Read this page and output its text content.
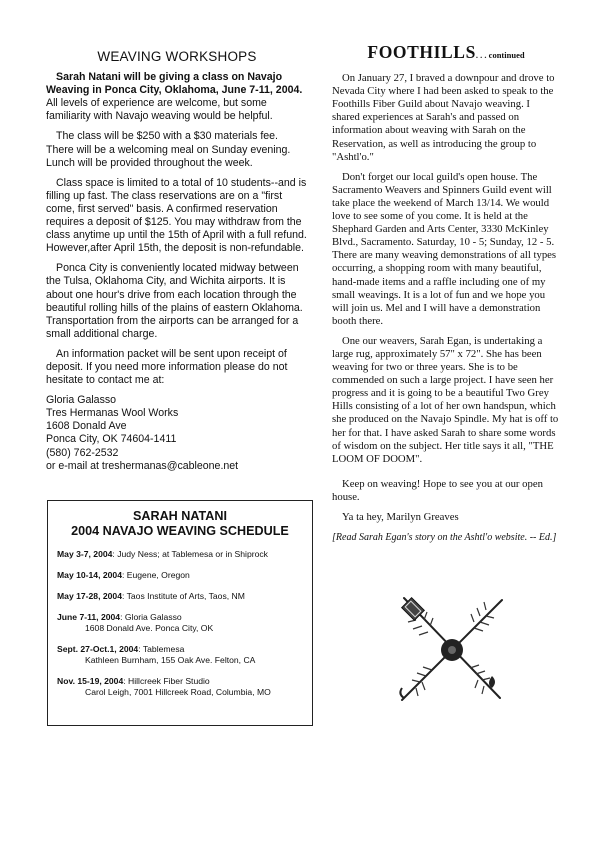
WEAVING WORKSHOPS

Sarah Natani will be giving a class on Navajo Weaving in Ponca City, Oklahoma, June 7-11, 2004. All levels of experience are welcome, but some familiarity with Navajo weaving would be helpful.

The class will be $250 with a $30 materials fee. There will be a welcoming meal on Sunday evening. Lunch will be provided throughout the week.

Class space is limited to a total of 10 students--and is filling up fast. The class reservations are on a "first come, first served" basis. A confirmed reservation requires a deposit of $125. You may withdraw from the class anytime up until the 15th of April with a full refund. However,after April 15th, the deposit is non-refundable.

Ponca City is conveniently located midway between the Tulsa, Oklahoma City, and Wichita airports. It is about one hour's drive from each location through the beautiful rolling hills of the plains of eastern Oklahoma. Transportation from the airports can be arranged for a small additional charge.

An information packet will be sent upon receipt of deposit. If you need more information please do not hesitate to contact me at:

Gloria Galasso
Tres Hermanas Wool Works
1608 Donald Ave
Ponca City, OK 74604-1411
(580) 762-2532
or e-mail at treshermanas@cableone.net
SARAH NATANI
2004 NAVAJO WEAVING SCHEDULE
May 3-7, 2004: Judy Ness; at Tablemesa or in Shiprock
May 10-14, 2004: Eugene, Oregon
May 17-28, 2004: Taos Institute of Arts, Taos, NM
June 7-11, 2004: Gloria Galasso
1608 Donald Ave. Ponca City, OK
Sept. 27-Oct.1, 2004: Tablemesa
Kathleen Burnham, 155 Oak Ave. Felton, CA
Nov. 15-19, 2004: Hillcreek Fiber Studio
Carol Leigh, 7001 Hillcreek Road, Columbia, MO
FOOTHILLS. . . continued

On January 27, I braved a downpour and drove to Nevada City where I had been asked to speak to the Foothills Fiber Guild about Navajo weaving. I shared experiences at Sarah's and passed on information about weaving with Sarah on the Reservation, as well as introducing the group to "Ashtl'o."

Don't forget our local guild's open house. The Sacramento Weavers and Spinners Guild event will take place the weekend of March 13/14. We would love to see some of you come. It is held at the Shephard Garden and Arts Center, 3330 McKinley Blvd., Sacramento. Saturday, 10 - 5; Sunday, 12 - 5. There are many weaving demonstrations of all types occurring, a shopping room with many beautiful, hand-made items and a raffle including one of my small weavings. It is a lot of fun and we hope you will join us. Mel and I will have a demonstration booth there.

One our weavers, Sarah Egan, is undertaking a large rug, approximately 57" x 72". She has been weaving for two or three years. She is to be commended on such a large project. I have seen her progress and it is going to be a beautiful Two Grey Hills consisting of a lot of her own handspun, which she produced on the Navajo Spindle. My hat is off to her for that. I have asked Sarah to share some words of wisdom on the subject. Her title says it all, "THE LOOM OF DOOM".

Keep on weaving! Hope to see you at our open house.

Ya ta hey, Marilyn Greaves

[Read Sarah Egan's story on the Ashtl'o website. -- Ed.]
